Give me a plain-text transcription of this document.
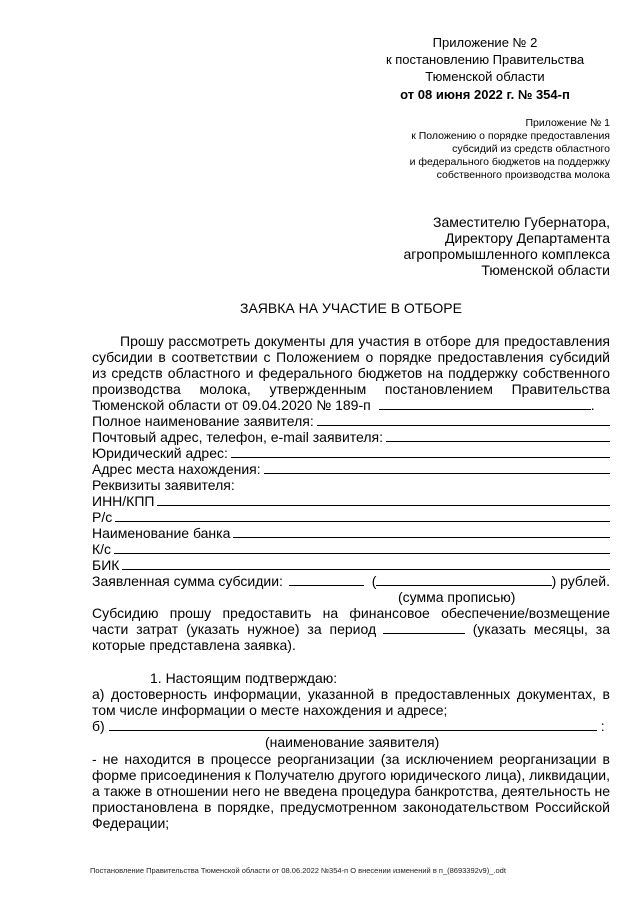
Приложение № 2
к постановлению Правительства
Тюменской области
от 08 июня 2022 г. № 354-п
Приложение № 1
к Положению о порядке предоставления
субсидий из средств областного
и федерального бюджетов на поддержку
собственного производства молока
Заместителю Губернатора,
Директору Департамента
агропромышленного комплекса
Тюменской области
ЗАЯВКА НА УЧАСТИЕ В ОТБОРЕ
Прошу рассмотреть документы для участия в отборе для предоставления
субсидии в соответствии с Положением о порядке предоставления субсидий
из средств областного и федерального бюджетов на поддержку собственного
производства молока, утвержденным постановлением Правительства
Тюменской области от 09.04.2020 № 189-п	.
Полное наименование заявителя:
Почтовый адрес, телефон, e-mail заявителя:
Юридический адрес:
Адрес места нахождения:
Реквизиты заявителя:
ИНН/КПП
Р/с
Наименование банка
К/с
БИК
Заявленная сумма субсидии:	(	) рублей.
(сумма прописью)
Субсидию прошу предоставить на финансовое обеспечение/возмещение
части затрат (указать нужное) за период	(указать месяцы, за
которые представлена заявка).
1. Настоящим подтверждаю:
а) достоверность информации, указанной в предоставленных документах, в
том числе информации о месте нахождения и адресе;
б)	:
(наименование заявителя)
- не находится в процессе реорганизации (за исключением реорганизации в
форме присоединения к Получателю другого юридического лица), ликвидации,
а также в отношении него не введена процедура банкротства, деятельность не
приостановлена в порядке, предусмотренном законодательством Российской
Федерации;
Постановление Правительства Тюменской области от 08.06.2022 №354-п О внесении изменений в п_(8693392v9)_.odt
